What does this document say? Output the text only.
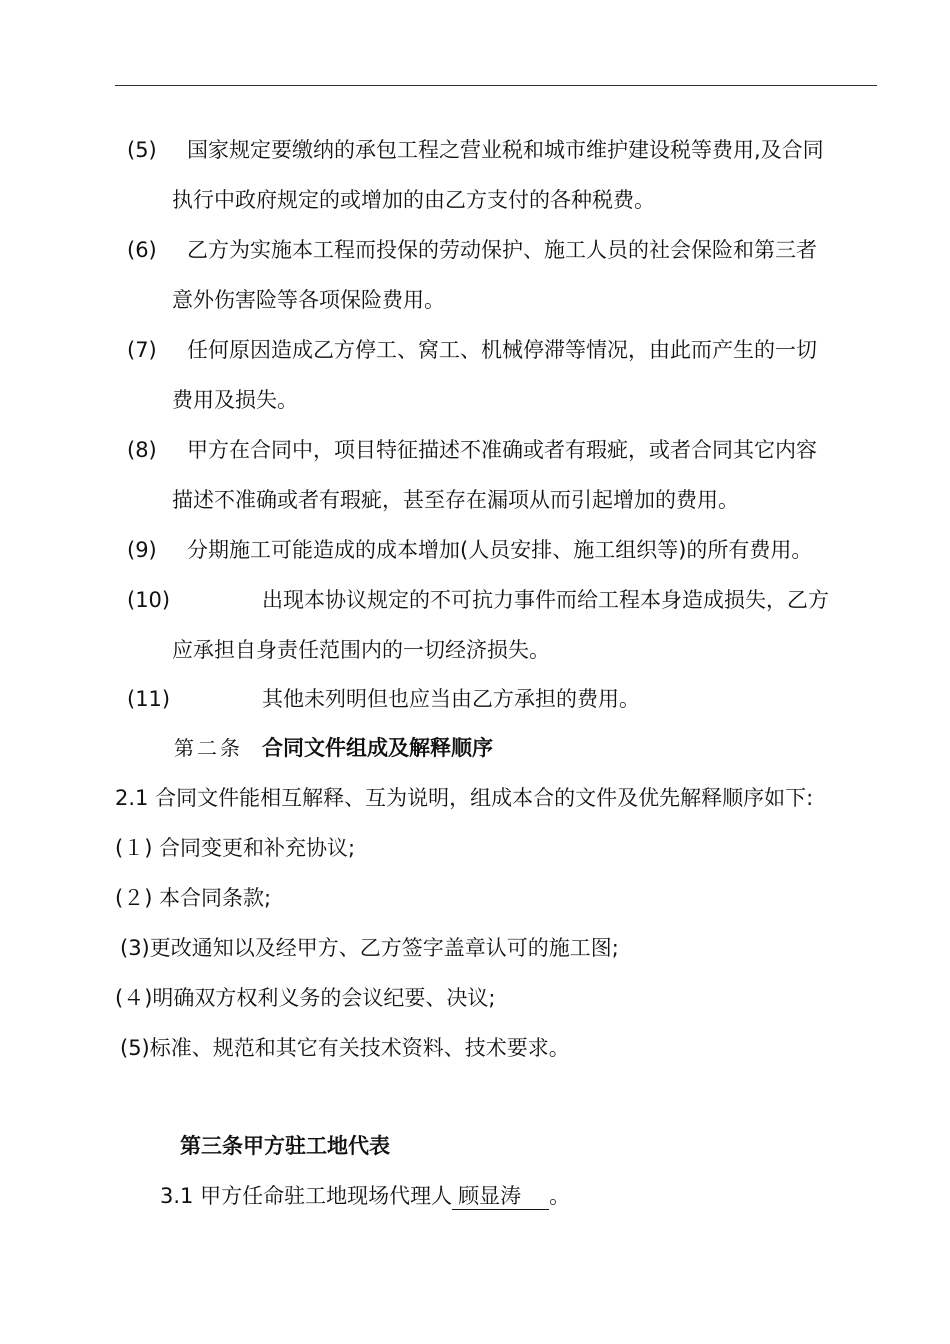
(5) 国家规定要缴纳的承包工程之营业税和城市维护建设税等费用,及合同
执行中政府规定的或增加的由乙方支付的各种税费。
(6) 乙方为实施本工程而投保的劳动保护、施工人员的社会保险和第三者
意外伤害险等各项保险费用。
(7) 任何原因造成乙方停工、窝工、机械停滞等情况，由此而产生的一切
费用及损失。
(8) 甲方在合同中，项目特征描述不准确或者有瑕疵，或者合同其它内容
描述不准确或者有瑕疵，甚至存在漏项从而引起增加的费用。
(9) 分期施工可能造成的成本增加(人员安排、施工组织等)的所有费用。
(10)	出现本协议规定的不可抗力事件而给工程本身造成损失，乙方
应承担自身责任范围内的一切经济损失。
(11)	其他未列明但也应当由乙方承担的费用。
第二条 合同文件组成及解释顺序
2.1 合同文件能相互解释、互为说明，组成本合的文件及优先解释顺序如下:
(１) 合同变更和补充协议;
(２) 本合同条款;
(3)更改通知以及经甲方、乙方签字盖章认可的施工图;
(４)明确双方权利义务的会议纪要、决议;
(5)标准、规范和其它有关技术资料、技术要求。
第三条甲方驻工地代表
3.1 甲方任命驻工地现场代理人 顾显涛 。
